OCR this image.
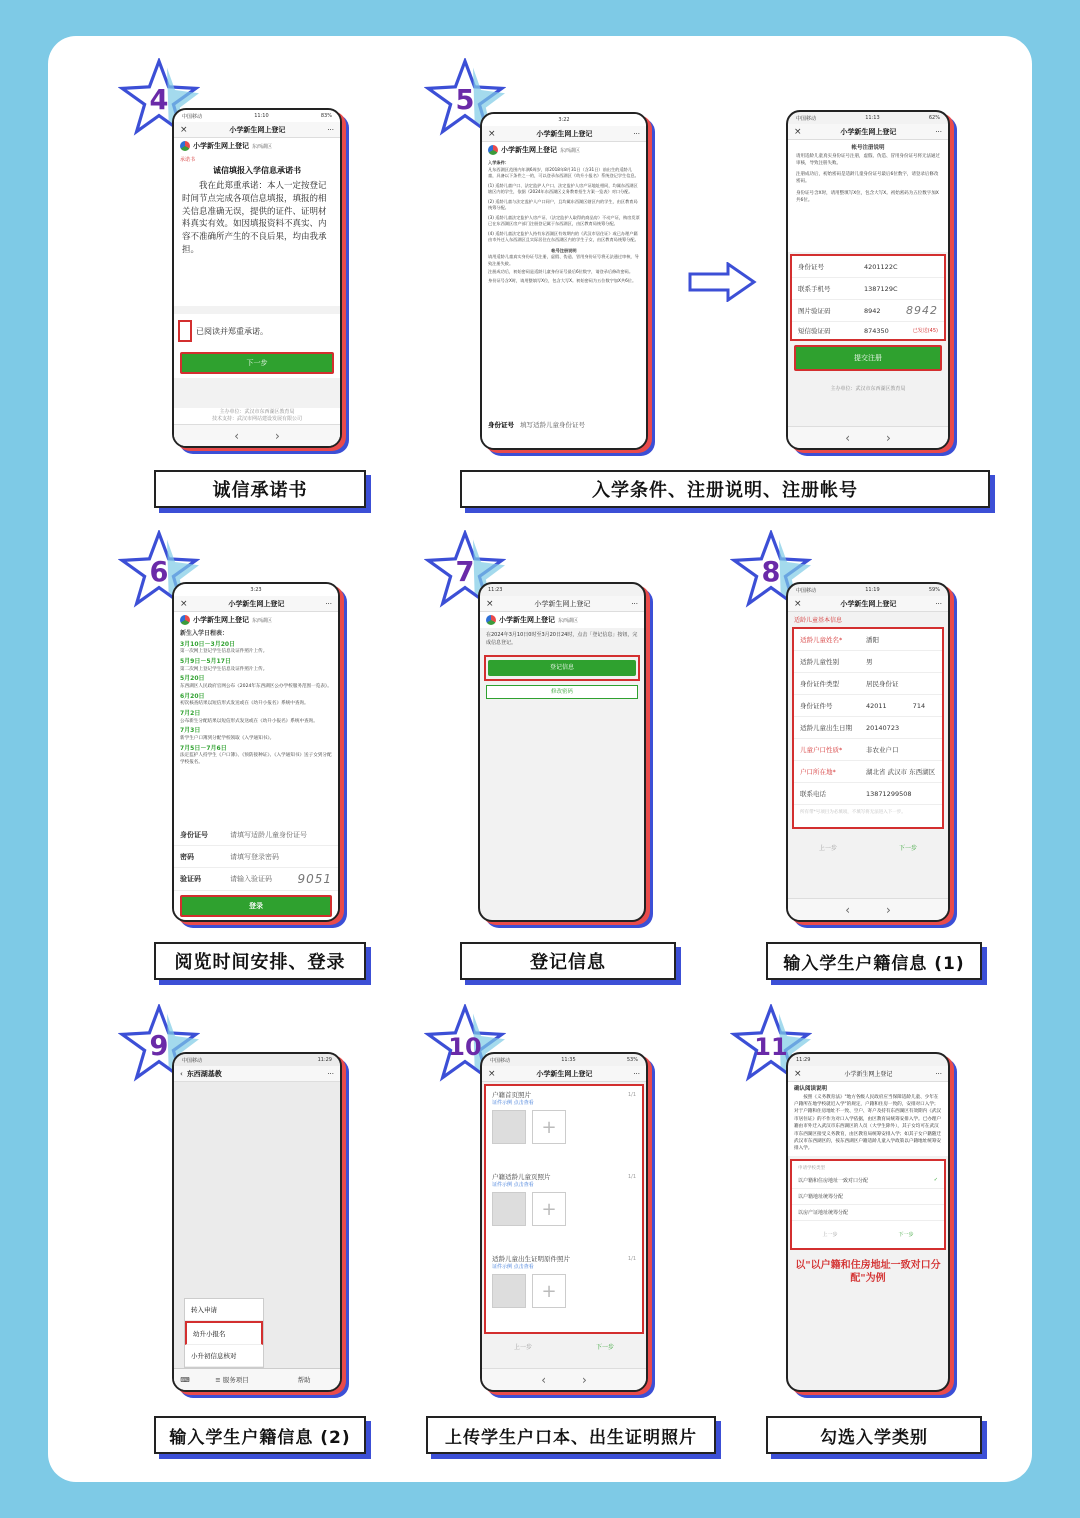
4
中国移动	11:10	83%
×	小学新生网上登记	···
小学新生网上登记 东西湖区
承诺书
诚信填报入学信息承诺书
我在此郑重承诺：本人一定按登记时间节点完成各项信息填报，填报的相关信息准确无误，提供的证件、证明材料真实有效。如因填报资料不真实、内容不准确所产生的不良后果，均由我承担。
已阅读并郑重承诺。
下一步
主办单位：武汉市东西湖区教育局
技术支持：武汉市网站建设发展有限公司
‹	›
诚信承诺书
5
3:22
×	小学新生网上登记	···
小学新生网上登记 东西湖区
入学条件：
凡东西湖区范围内年满6周岁，即2018年8月31日（含31日）前出生的适龄儿童，具备以下条件之一的，可以登录东西湖区《幼升小报名》系统登记学生信息。
(1) 适龄儿童户口、法定监护人户口、法定监护人房产证地址相同，均属东西湖区辖区内的学生，依据《2024年东西湖区义务教育招生方案一览表》对口分配。
(2) 适龄儿童与法定监护人户口同户，且均属东西湖区辖区内的学生，由区教育局统筹分配。
(3) 适龄儿童法定监护人房产证、（法定监护人取得的商品房）不动产证，购房发票已在东西湖区房产部门注册登记属于东西湖区，由区教育局统筹分配。
(4) 适龄儿童法定监护人持有东西湖区有效期内的《武汉市居住证》或已办理户籍由市外迁入东西湖区且实际居住在东西湖区内的学生子女，由区教育局统筹分配。
帐号注册说明
请用适龄儿童真实身份证号注册，虚假、伪造、冒用身份证号将无法通过审核，导致注册失败。
注册成功后，初始密码是适龄儿童身份证号最后6位数字，请登录后修改密码。
身份证号含X时，请用整填写X位，包含大写X。初始密码为五位数字加X共6位。
身份证号 填写适龄儿童身份证号
中国移动	11:13	62%
×	小学新生网上登记	···
帐号注册说明
请用适龄儿童真实身份证号注册，虚假、伪造、冒用身份证号将无法通过审核，导致注册失败。
注册成功后，初始密码是适龄儿童身份证号最后6位数字，请登录后修改密码。
身份证号含X时，请用整填写X位，包含大写X。初始密码为五位数字加X共6位。
身份证号	4201122C
联系手机号	1387129C
图片验证码	8942 8942
短信验证码	874350	已发送(45)
提交注册
主办单位：武汉市东西湖区教育局
‹	›
入学条件、注册说明、注册帐号
6
3:23
×	小学新生网上登记	···
小学新生网上登记 东西湖区
新生入学日程表：
3月10日－3月20日
第一次网上登记学生信息及证件照片上传。
5月9日－5月17日
第二次网上登记学生信息及证件照片上传。
5月20日
东西湖区人民政府官网公布《2024年东西湖区公办学校服务范围一览表》。
6月20日
初次核查结果以短信形式发送或在《幼升小报名》系统中查询。
7月2日
公布新生分配结果以短信形式发送或在《幼升小报名》系统中查询。
7月3日
新学生户口簿到分配学校领取《入学通知书》。
7月5日－7月6日
法定监护人持学生《户口簿》、《预防接种证》、《入学通知书》送子女到分配学校报名。
身份证号	请填写适龄儿童身份证号
密码	请填写登录密码
验证码	请输入验证码 9051
登录
阅览时间安排、登录
7
11:23
×	小学新生网上登记	···
小学新生网上登记 东西湖区
在2024年3月10日0时至3月20日24时，点击「登记信息」按钮，完成信息登记。
登记信息
修改密码
登记信息
8
中国移动	11:19	59%
×	小学新生网上登记	···
适龄儿童基本信息
适龄儿童姓名*	潘阳
适龄儿童性别	男
身份证件类型	居民身份证
身份证件号	42011　　　　714
适龄儿童出生日期	20140723
儿童户口性质*	非农业户口
户口所在地*	湖北省 武汉市 东西湖区
联系电话	13871299508
所有带*号项目为必填项，不填写将无法进入下一步。
上一步	下一步
‹	›
输入学生户籍信息 (1)
9	中国移动	11:29
‹ 东西湖基教	···
转入申请
幼升小报名
小升初信息核对
⌨	≡ 服务项目	帮助
输入学生户籍信息 (2)
10 中国移动	11:35	53%
×	小学新生网上登记	···
户籍首页照片
证件示例 点击查看
1/1
+
户籍适龄儿童页照片
证件示例 点击查看
1/1
+
适龄儿童出生证明原件照片
证件示例 点击查看
1/1
+
上一步	下一步
‹	›
上传学生户口本、出生证明照片
11 11:29
×	小学新生网上登记	···
确认阅读说明
按照《义务教育法》"地方各级人民政府应当保障适龄儿童、少年在户籍所在地学校就近入学"的规定，户籍和住房一致的，安排对口入学；对于户籍和住房地址不一致、空户、寄户及持有东西湖区有效期内《武汉市居住证》的不作为对口入学依据，由区教育局统筹安排入学。已办理户籍由市外迁入武汉市东西湖区的人员（大学生除外），其子女均可在武汉市东西湖区接受义务教育，由区教育局统筹安排入学；如其子女户籍随迁武汉市东西湖区的，按东西湖区户籍适龄儿童入学政策以户籍地址统筹安排入学。
申请学校类型
以户籍和住房地址一致对口分配	✓
以户籍地址统筹分配
以房产证地址统筹分配
上一步	下一步
以"以户籍和住房地址一致对口分配"为例
勾选入学类别
